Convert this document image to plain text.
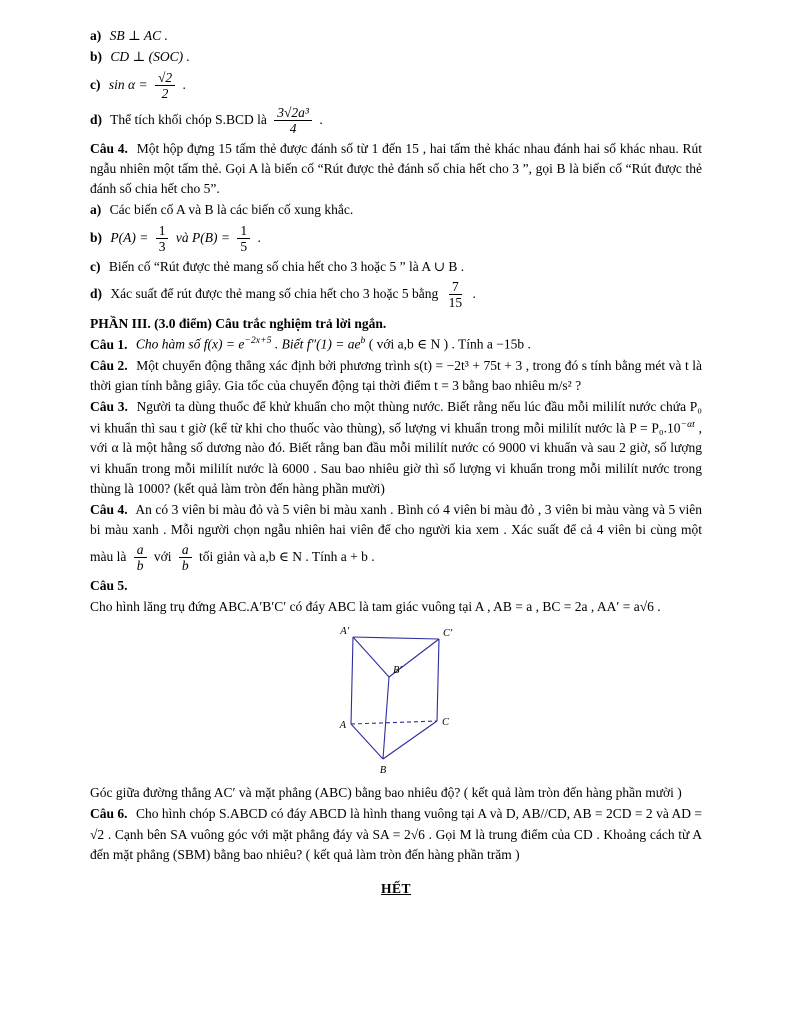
a) SB ⊥ AC .

b) CD ⊥ (SOC) .

c) $\sin \alpha = \frac{√2}{2}$ .

d) Thể tích khối chóp S.BCD là $\frac{\text{3√2a³}}{4}$ .

Câu 4. Một hộp đựng 15 tấm thẻ được đánh số từ 1 đến 15 , hai tấm thẻ khác nhau đánh hai số khác nhau. Rút ngẫu nhiên một tấm thẻ. Gọi A là biến cố “Rút được thẻ đánh số chia hết cho 3 ”, gọi B là biến cố “Rút được thẻ đánh số chia hết cho 5”.

a) Các biến cố A và B là các biến cố xung khắc.

b) $P(A) = \frac{1}{3}$ và $P(B) = \frac{1}{5}$ .

c) Biến cố “Rút được thẻ mang số chia hết cho 3 hoặc 5 ” là A ∪ B .

d) Xác suất để rút được thẻ mang số chia hết cho 3 hoặc 5 bằng $\frac{7}{15}$ .

PHẦN III. (3.0 điểm) Câu trắc nghiệm trả lời ngắn.

Câu 1. Cho hàm số $f(x) = e^{-2x+5}$ . Biết $f''(1) = ae^b$ ( với a,b ∈ N ) . Tính a −15b .

Câu 2. Một chuyển động thẳng xác định bởi phương trình s(t) = −2t³ + 75t + 3 , trong đó s tính bằng mét và t là thời gian tính bằng giây. Gia tốc của chuyển động tại thời điểm t = 3 bằng bao nhiêu m/s² ?

Câu 3. Người ta dùng thuốc để khử khuẩn cho một thùng nước. Biết rằng nếu lúc đầu mỗi mililít nước chứa P₀ vi khuẩn thì sau t giờ (kể từ khi cho thuốc vào thùng), số lượng vi khuẩn trong mỗi mililít nước là $P = P_0.10^{-\alpha t}$ , với α là một hằng số dương nào đó. Biết rằng ban đầu mỗi mililít nước có 9000 vi khuẩn và sau 2 giờ, số lượng vi khuẩn trong mỗi mililít nước là 6000 . Sau bao nhiêu giờ thì số lượng vi khuẩn trong mỗi mililít nước trong thùng là 1000? (kết quả làm tròn đến hàng phần mười)

Câu 4. An có 3 viên bi màu đỏ và 5 viên bi màu xanh . Bình có 4 viên bi màu đỏ , 3 viên bi màu vàng và 5 viên bi màu xanh . Mỗi người chọn ngẫu nhiên hai viên để cho người kia xem . Xác suất để cả 4 viên bi cùng một màu là $\frac{a}{b}$ với $\frac{a}{b}$ tối giản và a,b ∈ N . Tính a + b .

Câu 5.

Cho hình lăng trụ đứng ABC.A′B′C′ có đáy ABC là tam giác vuông tại A , AB = a , BC = 2a , AA′ = a√6 .

A′	C′
B′
A	C
B

Góc giữa đường thẳng AC′ và mặt phẳng (ABC) bằng bao nhiêu độ? ( kết quả làm tròn đến hàng phần mười )

Câu 6. Cho hình chóp S.ABCD có đáy ABCD là hình thang vuông tại A và D, AB//CD, AB = 2CD = 2 và AD = √2 . Cạnh bên SA vuông góc với mặt phẳng đáy và SA = 2√6 . Gọi M là trung điểm của CD . Khoảng cách từ A đến mặt phẳng (SBM) bằng bao nhiêu? ( kết quả làm tròn đến hàng phần trăm )

HẾT
